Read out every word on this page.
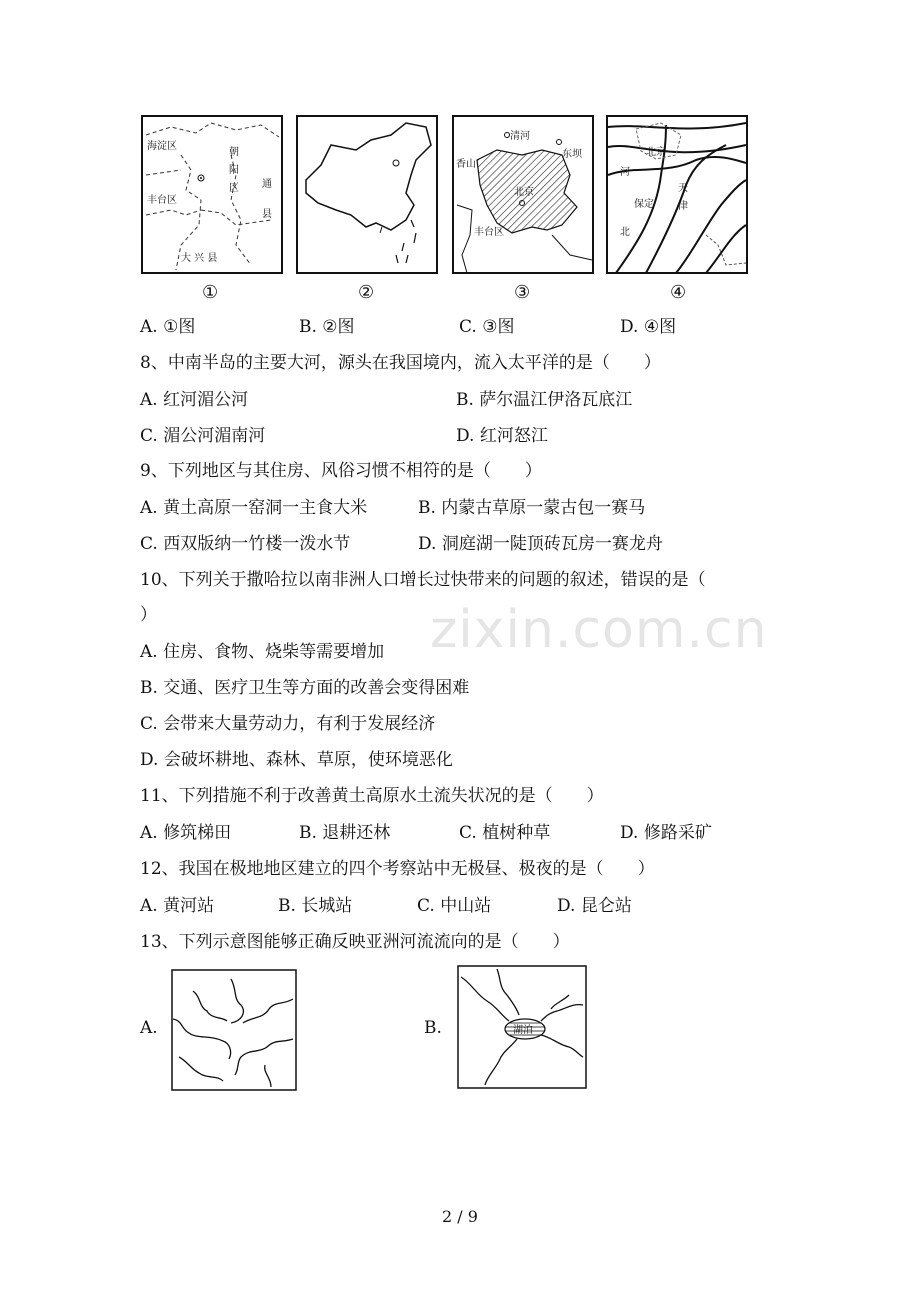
海淀区
朝
阳
区 通
县
丰台区
大 兴 县
①	②
清河
香山
东坝
北京
丰台区
③
北京
河
天
津
保定
北
④
A. ①图	B. ②图	C. ③图	D. ④图
8、中南半岛的主要大河，源头在我国境内，流入太平洋的是（　　）
A. 红河湄公河	B. 萨尔温江伊洛瓦底江
C. 湄公河湄南河	D. 红河怒江
9、下列地区与其住房、风俗习惯不相符的是（　　）
A. 黄土高原一窑洞一主食大米	B. 内蒙古草原一蒙古包一赛马
C. 西双版纳一竹楼一泼水节	D. 洞庭湖一陡顶砖瓦房一赛龙舟
10、下列关于撒哈拉以南非洲人口增长过快带来的问题的叙述，错误的是（
）
A. 住房、食物、烧柴等需要增加
B. 交通、医疗卫生等方面的改善会变得困难
C. 会带来大量劳动力，有利于发展经济
D. 会破坏耕地、森林、草原，使环境恶化
zixin.com.cn
11、下列措施不利于改善黄土高原水土流失状况的是（　　）
A. 修筑梯田	B. 退耕还林	C. 植树种草	D. 修路采矿
12、我国在极地地区建立的四个考察站中无极昼、极夜的是（　　）
A. 黄河站	B. 长城站	C. 中山站	D. 昆仑站
13、下列示意图能够正确反映亚洲河流流向的是（　　）
A.	B.	湖泊
2 / 9
